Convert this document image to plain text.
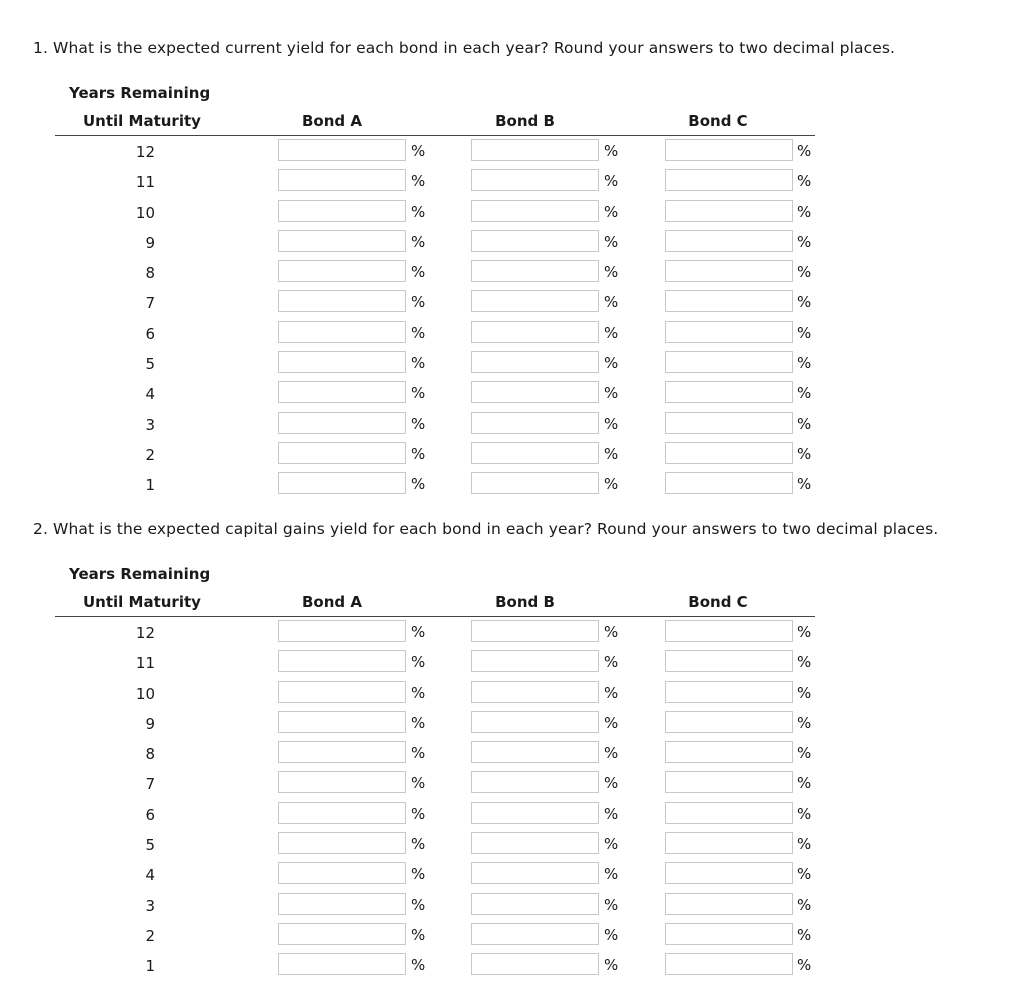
1. What is the expected current yield for each bond in each year? Round your answers to two decimal places.

2. What is the expected capital gains yield for each bond in each year? Round your answers to two decimal places.

Years Remaining
Until Maturity	Bond A	Bond B	Bond C
12	%	%	%
11	%	%	%
10	%	%	%
9	%	%	%
8	%	%	%
7	%	%	%
6	%	%	%
5	%	%	%
4	%	%	%
3	%	%	%
2	%	%	%
1	%	%	%
Years Remaining
Until Maturity	Bond A	Bond B	Bond C
12	%	%	%
11	%	%	%
10	%	%	%
9	%	%	%
8	%	%	%
7	%	%	%
6	%	%	%
5	%	%	%
4	%	%	%
3	%	%	%
2	%	%	%
1	%	%	%
